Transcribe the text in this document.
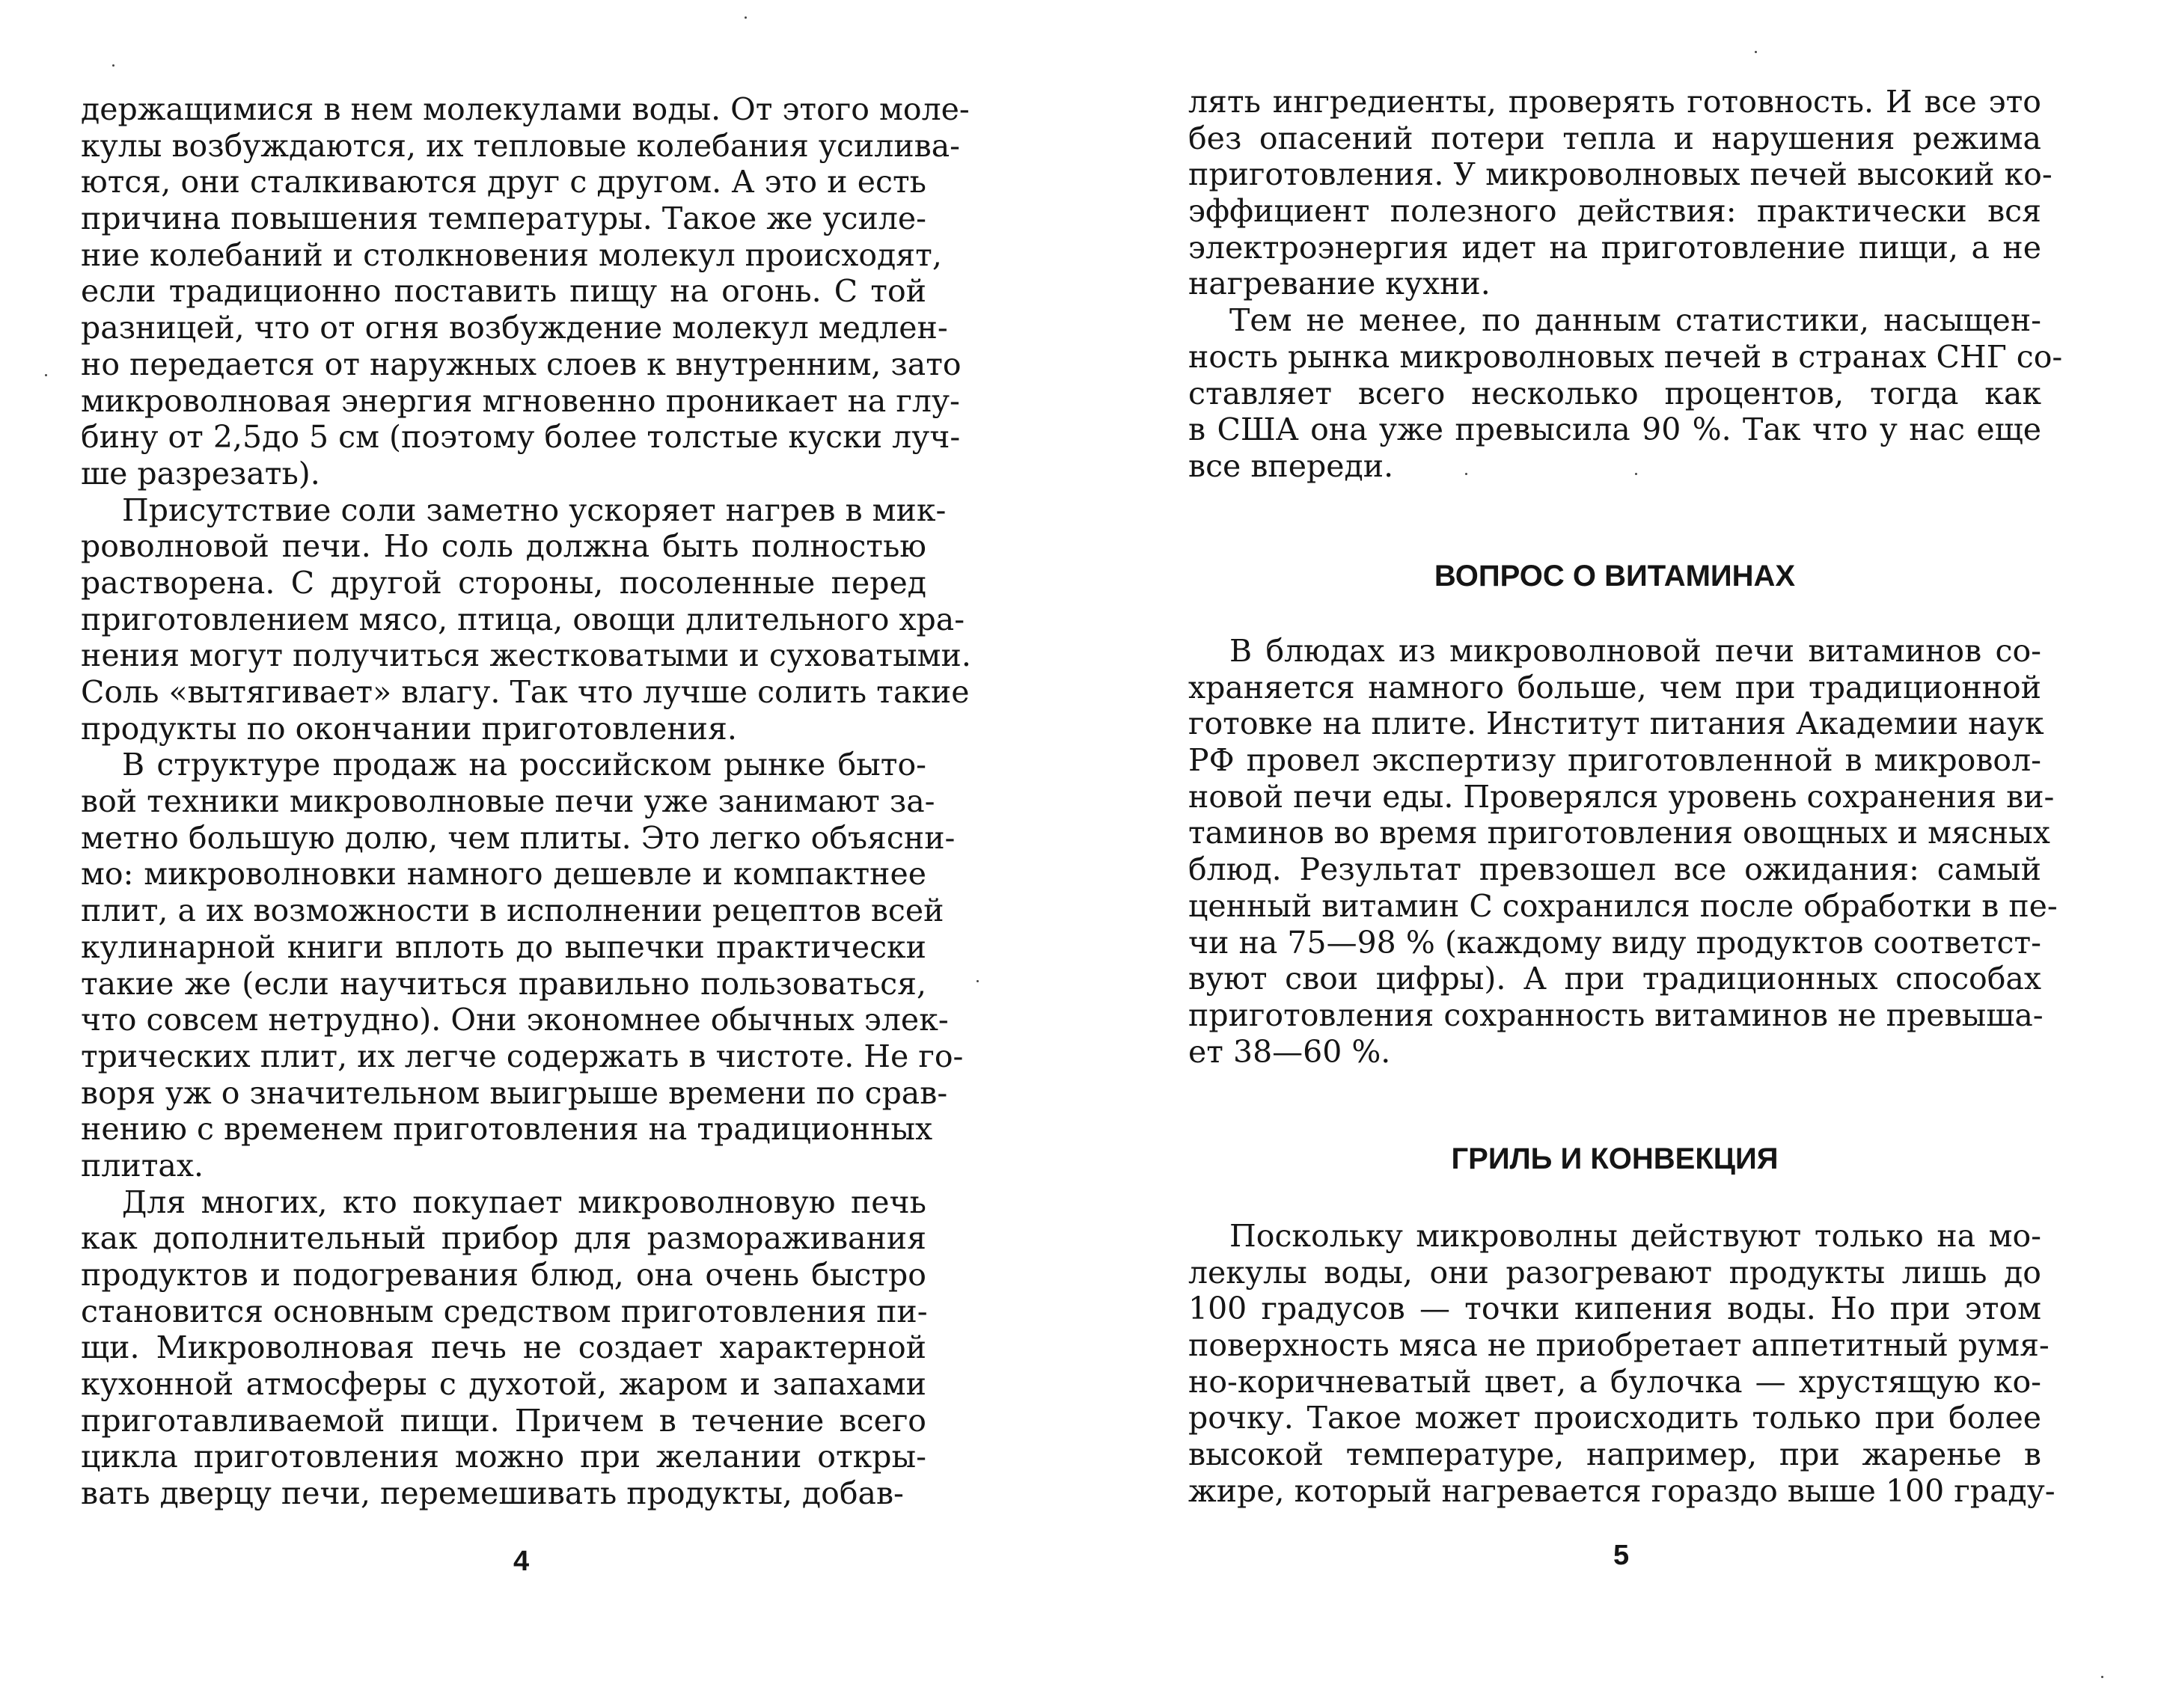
держащимися в нем молекулами воды. От этого моле-
кулы возбуждаются, их тепловые колебания усилива-
ются, они сталкиваются друг с другом. А это и есть
причина повышения температуры. Такое же усиле-
ние колебаний и столкновения молекул происходят,
если традиционно поставить пищу на огонь. С той
разницей, что от огня возбуждение молекул медлен-
но передается от наружных слоев к внутренним, зато
микроволновая энергия мгновенно проникает на глу-
бину от 2,5до 5 см (поэтому более толстые куски луч-
ше разрезать).
Присутствие соли заметно ускоряет нагрев в мик-
роволновой печи. Но соль должна быть полностью
растворена. С другой стороны, посоленные перед
приготовлением мясо, птица, овощи длительного хра-
нения могут получиться жестковатыми и суховатыми.
Соль «вытягивает» влагу. Так что лучше солить такие
продукты по окончании приготовления.
В структуре продаж на российском рынке быто-
вой техники микроволновые печи уже занимают за-
метно большую долю, чем плиты. Это легко объясни-
мо: микроволновки намного дешевле и компактнее
плит, а их возможности в исполнении рецептов всей
кулинарной книги вплоть до выпечки практически
такие же (если научиться правильно пользоваться,
что совсем нетрудно). Они экономнее обычных элек-
трических плит, их легче содержать в чистоте. Не го-
воря уж о значительном выигрыше времени по срав-
нению с временем приготовления на традиционных
плитах.
Для многих, кто покупает микроволновую печь
как дополнительный прибор для размораживания
продуктов и подогревания блюд, она очень быстро
становится основным средством приготовления пи-
щи. Микроволновая печь не создает характерной
кухонной атмосферы с духотой, жаром и запахами
приготавливаемой пищи. Причем в течение всего
цикла приготовления можно при желании откры-
вать дверцу печи, перемешивать продукты, добав-
4
лять ингредиенты, проверять готовность. И все это
без опасений потери тепла и нарушения режима
приготовления. У микроволновых печей высокий ко-
эффициент полезного действия: практически вся
электроэнергия идет на приготовление пищи, а не
нагревание кухни.
Тем не менее, по данным статистики, насыщен-
ность рынка микроволновых печей в странах СНГ со-
ставляет всего несколько процентов, тогда как
в США она уже превысила 90 %. Так что у нас еще
все впереди.
ВОПРОС О ВИТАМИНАХ
В блюдах из микроволновой печи витаминов со-
храняется намного больше, чем при традиционной
готовке на плите. Институт питания Академии наук
РФ провел экспертизу приготовленной в микровол-
новой печи еды. Проверялся уровень сохранения ви-
таминов во время приготовления овощных и мясных
блюд. Результат превзошел все ожидания: самый
ценный витамин С сохранился после обработки в пе-
чи на 75—98 % (каждому виду продуктов соответст-
вуют свои цифры). А при традиционных способах
приготовления сохранность витаминов не превыша-
ет 38—60 %.
ГРИЛЬ И КОНВЕКЦИЯ
Поскольку микроволны действуют только на мо-
лекулы воды, они разогревают продукты лишь до
100 градусов — точки кипения воды. Но при этом
поверхность мяса не приобретает аппетитный румя-
но-коричневатый цвет, а булочка — хрустящую ко-
рочку. Такое может происходить только при более
высокой температуре, например, при жаренье в
жире, который нагревается гораздо выше 100 граду-
5
